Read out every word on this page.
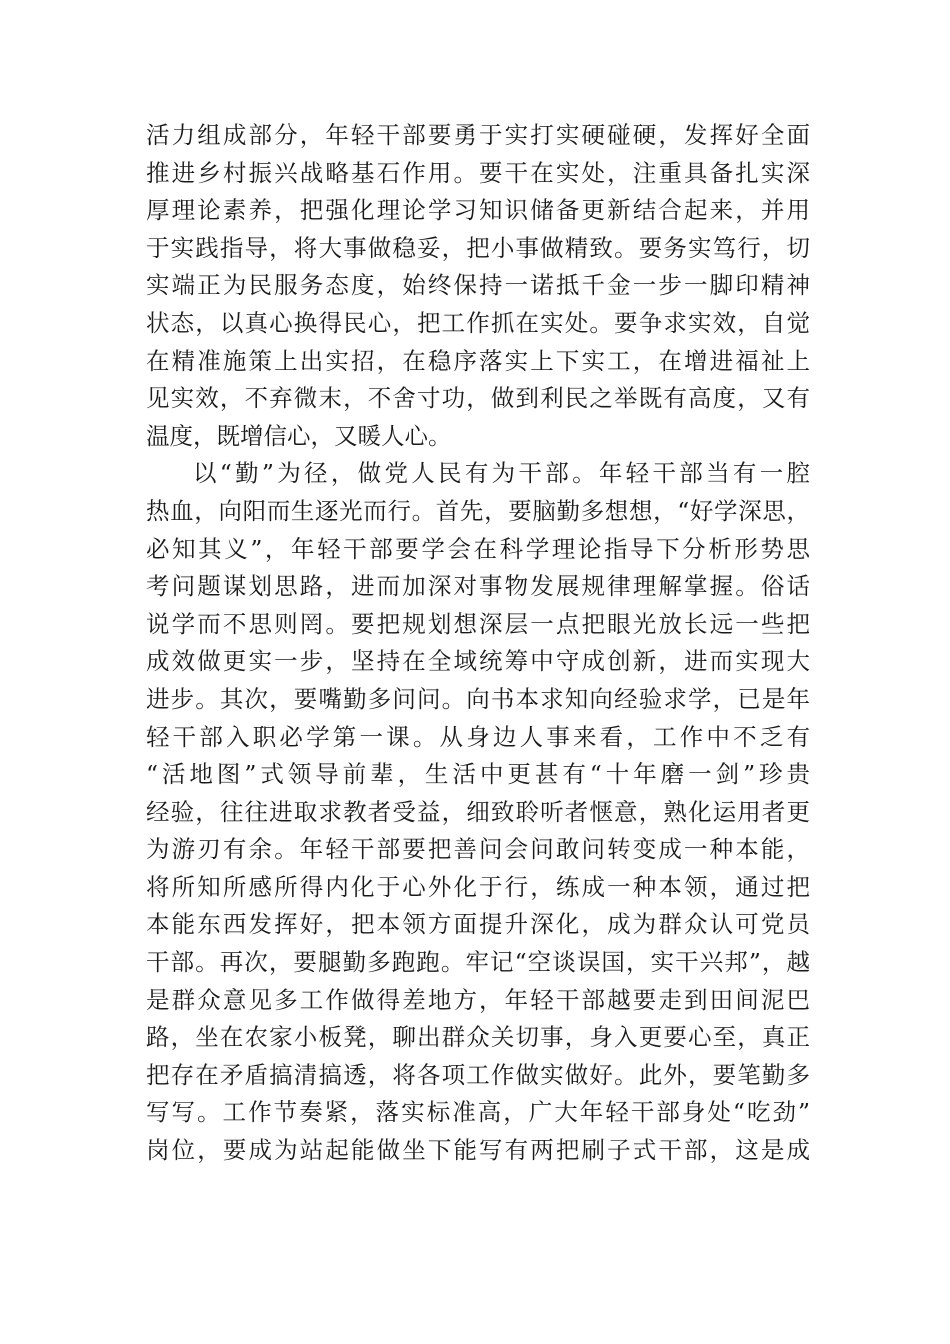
活力组成部分，年轻干部要勇于实打实硬碰硬，发挥好全面
推进乡村振兴战略基石作用。要干在实处，注重具备扎实深
厚理论素养，把强化理论学习知识储备更新结合起来，并用
于实践指导，将大事做稳妥，把小事做精致。要务实笃行，切
实端正为民服务态度，始终保持一诺抵千金一步一脚印精神
状态，以真心换得民心，把工作抓在实处。要争求实效，自觉
在精准施策上出实招，在稳序落实上下实工，在增进福祉上
见实效，不弃微末，不舍寸功，做到利民之举既有高度，又有
温度，既增信心，又暖人心。
以“勤”为径，做党人民有为干部。年轻干部当有一腔
热血，向阳而生逐光而行。首先，要脑勤多想想，“好学深思，
必知其义”，年轻干部要学会在科学理论指导下分析形势思
考问题谋划思路，进而加深对事物发展规律理解掌握。俗话
说学而不思则罔。要把规划想深层一点把眼光放长远一些把
成效做更实一步，坚持在全域统筹中守成创新，进而实现大
进步。其次，要嘴勤多问问。向书本求知向经验求学，已是年
轻干部入职必学第一课。从身边人事来看，工作中不乏有
“活地图”式领导前辈，生活中更甚有“十年磨一剑”珍贵
经验，往往进取求教者受益，细致聆听者惬意，熟化运用者更
为游刃有余。年轻干部要把善问会问敢问转变成一种本能，
将所知所感所得内化于心外化于行，练成一种本领，通过把
本能东西发挥好，把本领方面提升深化，成为群众认可党员
干部。再次，要腿勤多跑跑。牢记“空谈误国，实干兴邦”，越
是群众意见多工作做得差地方，年轻干部越要走到田间泥巴
路，坐在农家小板凳，聊出群众关切事，身入更要心至，真正
把存在矛盾搞清搞透，将各项工作做实做好。此外，要笔勤多
写写。工作节奏紧，落实标准高，广大年轻干部身处“吃劲”
岗位，要成为站起能做坐下能写有两把刷子式干部，这是成
